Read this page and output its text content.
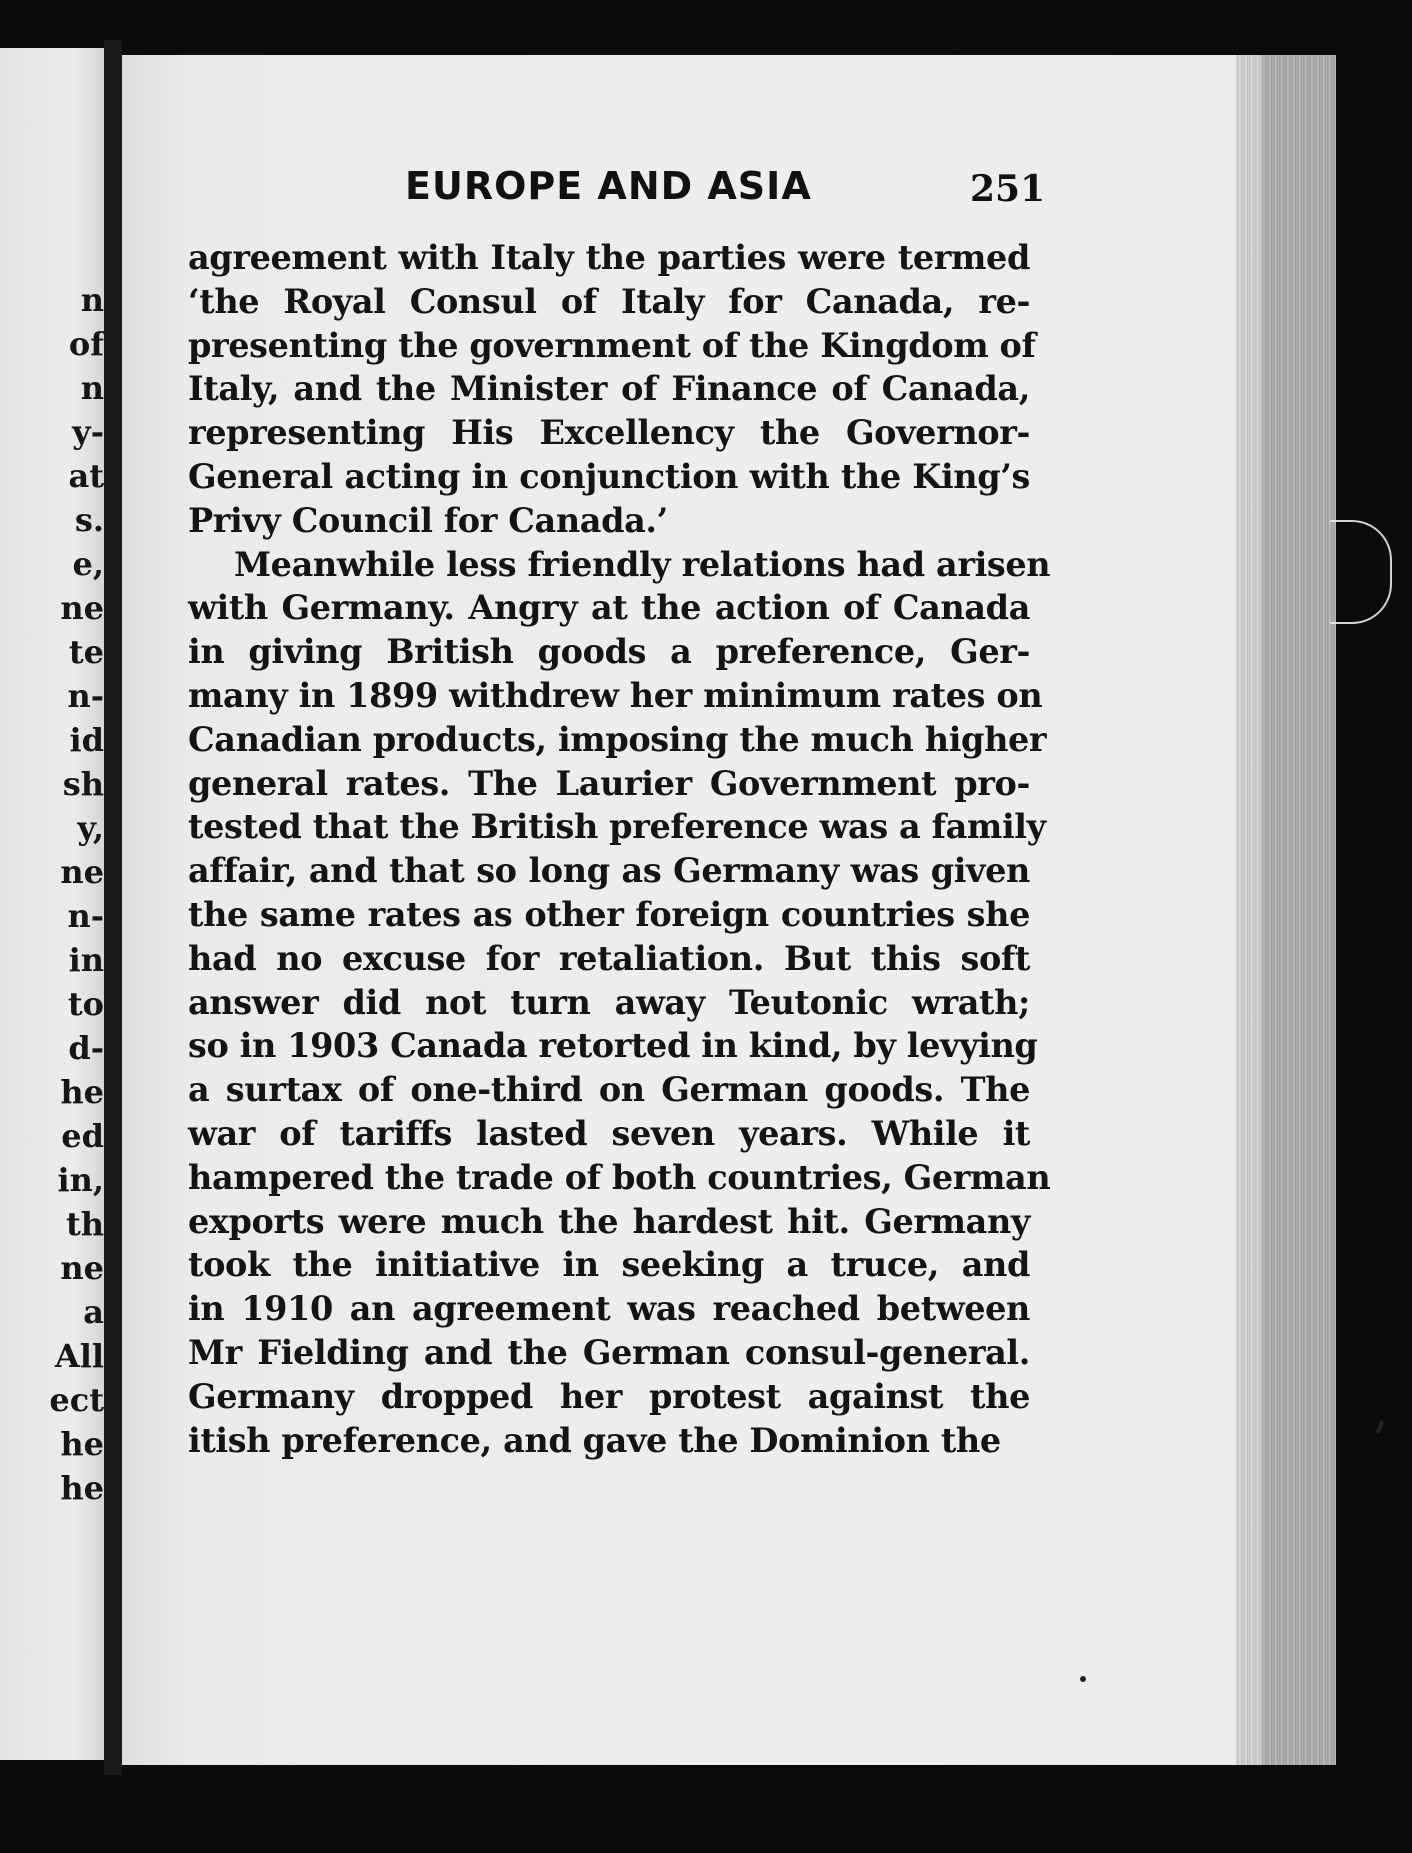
n
of
n
y-
at
s.
e,
ne
te
n-
id
sh
y,
ne
n-
in
to
d-
he
ed
in,
th
ne
a
All
ect
he
he
EUROPE AND ASIA	251
agreement with Italy the parties were termed
‘the Royal Consul of Italy for Canada, re-
presenting the government of the Kingdom of
Italy, and the Minister of Finance of Canada,
representing His Excellency the Governor-
General acting in conjunction with the King’s
Privy Council for Canada.’
Meanwhile less friendly relations had arisen
with Germany. Angry at the action of Canada
in giving British goods a preference, Ger-
many in 1899 withdrew her minimum rates on
Canadian products, imposing the much higher
general rates. The Laurier Government pro-
tested that the British preference was a family
affair, and that so long as Germany was given
the same rates as other foreign countries she
had no excuse for retaliation. But this soft
answer did not turn away Teutonic wrath;
so in 1903 Canada retorted in kind, by levying
a surtax of one-third on German goods. The
war of tariffs lasted seven years. While it
hampered the trade of both countries, German
exports were much the hardest hit. Germany
took the initiative in seeking a truce, and
in 1910 an agreement was reached between
Mr Fielding and the German consul-general.
Germany dropped her protest against the
itish preference, and gave the Dominion the
